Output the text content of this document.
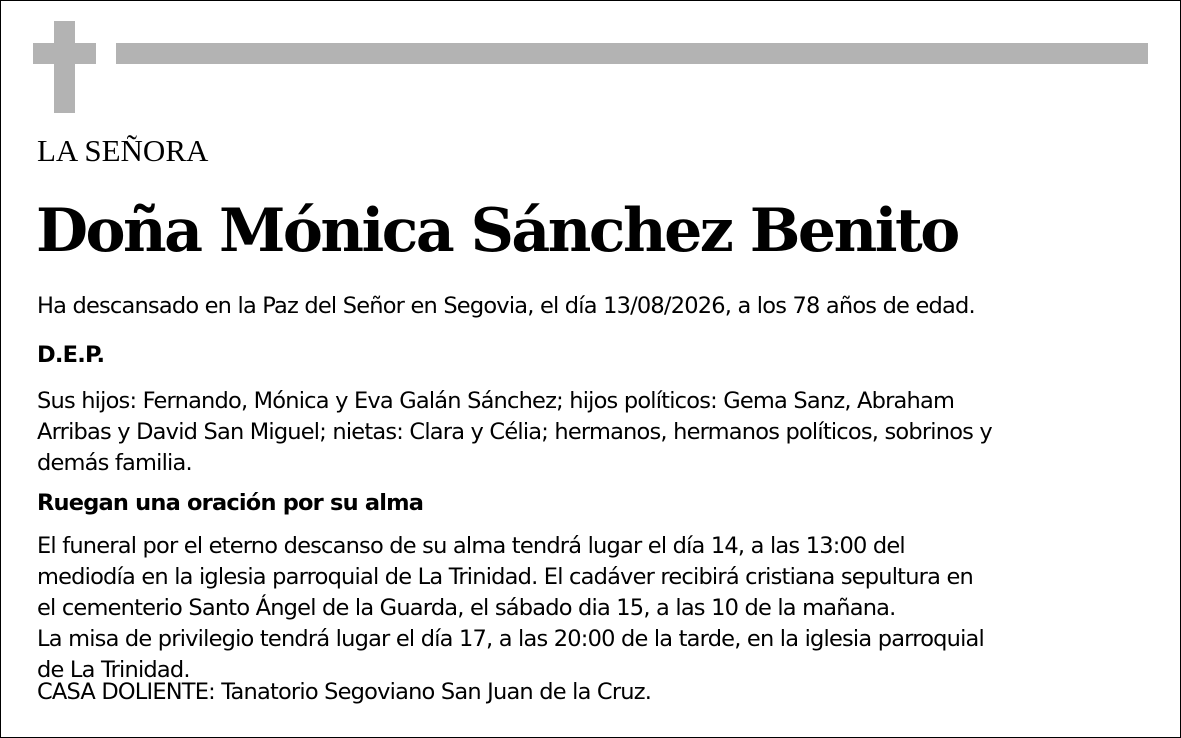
LA SEÑORA
Doña Mónica Sánchez Benito
Ha descansado en la Paz del Señor en Segovia, el día 13/08/2026, a los 78 años de edad.
D.E.P.
Sus hijos: Fernando, Mónica y Eva Galán Sánchez; hijos políticos: Gema Sanz, Abraham
Arribas y David San Miguel; nietas: Clara y Célia; hermanos, hermanos políticos, sobrinos y
demás familia.
Ruegan una oración por su alma
El funeral por el eterno descanso de su alma tendrá lugar el día 14, a las 13:00 del
mediodía en la iglesia parroquial de La Trinidad. El cadáver recibirá cristiana sepultura en
el cementerio Santo Ángel de la Guarda, el sábado dia 15, a las 10 de la mañana.
La misa de privilegio tendrá lugar el día 17, a las 20:00 de la tarde, en la iglesia parroquial
de La Trinidad.
CASA DOLIENTE: Tanatorio Segoviano San Juan de la Cruz.
